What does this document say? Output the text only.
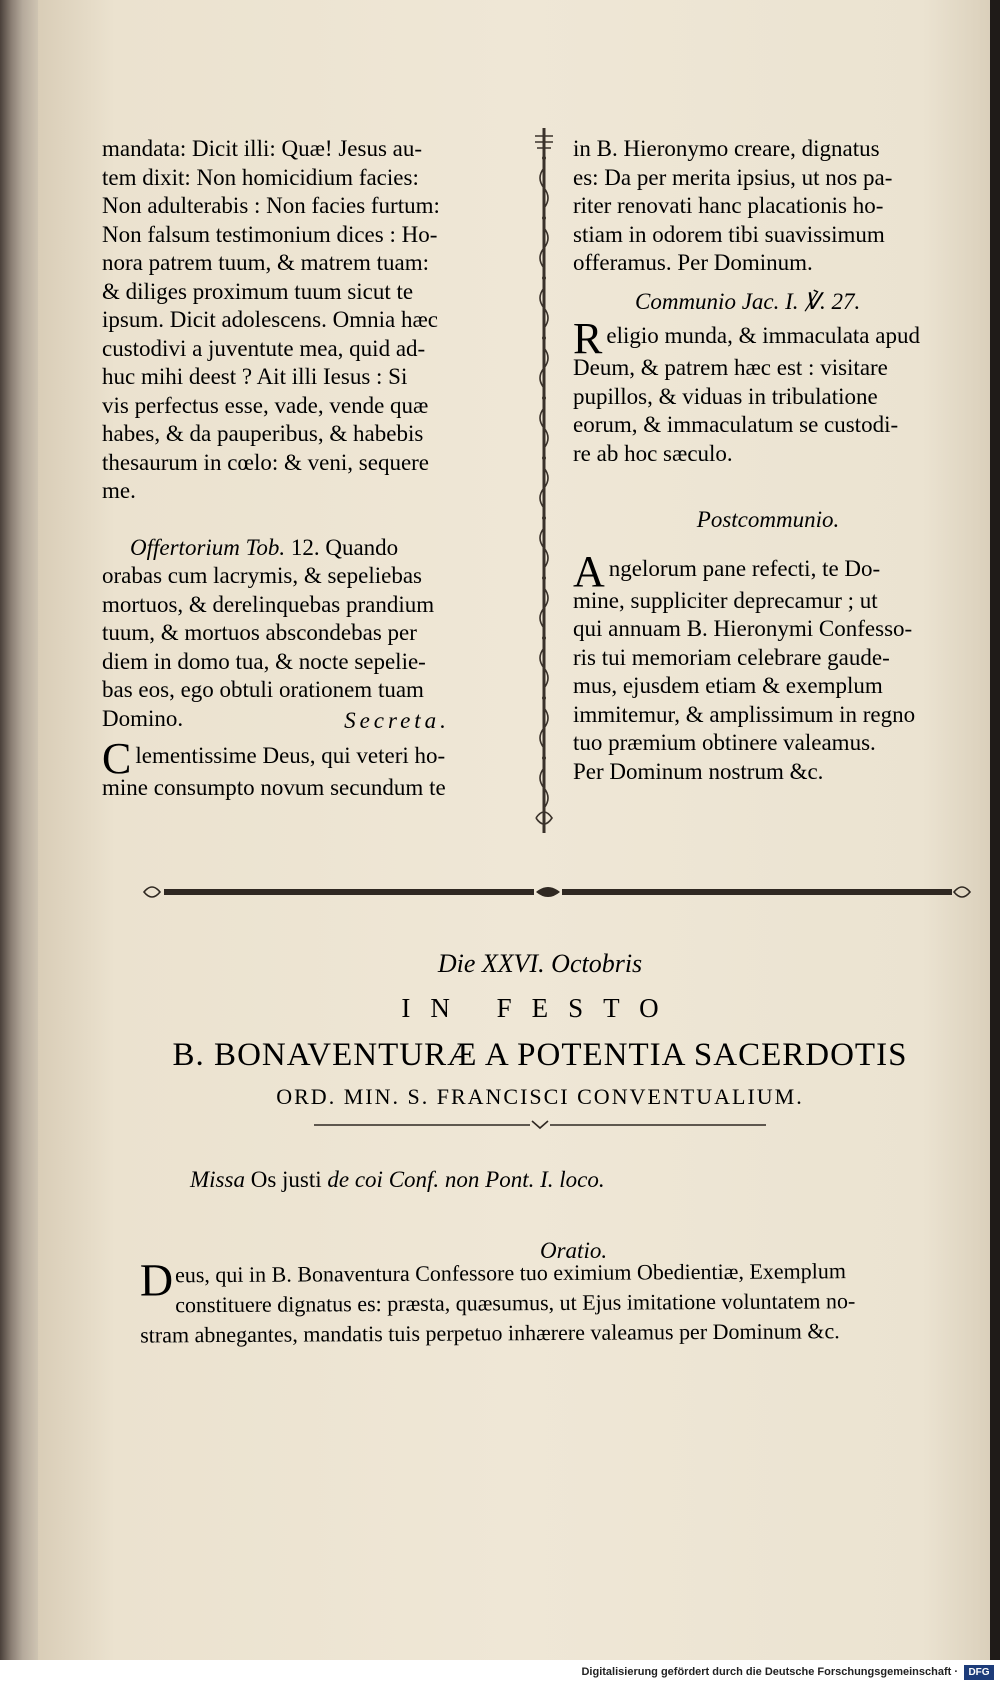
mandata: Dicit illi: Quæ! Jesus au-

tem dixit: Non homicidium facies:

Non adulterabis : Non facies furtum:

Non falsum testimonium dices : Ho-

nora patrem tuum, & matrem tuam:

& diliges proximum tuum sicut te

ipsum. Dicit adolescens. Omnia hæc

custodivi a juventute mea, quid ad-

huc mihi deest ? Ait illi Iesus : Si

vis perfectus esse, vade, vende quæ

habes, & da pauperibus, & habebis

thesaurum in cœlo: & veni, sequere

me.

Offertorium Tob. 12. Quando

orabas cum lacrymis, & sepeliebas

mortuos, & derelinquebas prandium

tuum, & mortuos abscondebas per

diem in domo tua, & nocte sepelie-

bas eos, ego obtuli orationem tuam

Domino.	Secreta.

Clementissime Deus, qui veteri ho-

mine consumpto novum secundum te

in B. Hieronymo creare, dignatus

es: Da per merita ipsius, ut nos pa-

riter renovati hanc placationis ho-

stiam in odorem tibi suavissimum

offeramus. Per Dominum.

Communio Jac. I. ℣. 27.

Religio munda, & immaculata apud

Deum, & patrem hæc est : visitare

pupillos, & viduas in tribulatione

eorum, & immaculatum se custodi-

re ab hoc sæculo.

Postcommunio.

Angelorum pane refecti, te Do-

mine, suppliciter deprecamur ; ut

qui annuam B. Hieronymi Confesso-

ris tui memoriam celebrare gaude-

mus, ejusdem etiam & exemplum

immitemur, & amplissimum in regno

tuo præmium obtinere valeamus.

Per Dominum nostrum &c.

Die XXVI. Octobris

IN FESTO

B. BONAVENTURÆ A POTENTIA SACERDOTIS

ORD. MIN. S. FRANCISCI CONVENTUALIUM.

Missa Os justi de coi Conf. non Pont. I. loco.

Oratio.

Deus, qui in B. Bonaventura Confessore tuo eximium Obedientiæ, Exemplum

constituere dignatus es: præsta, quæsumus, ut Ejus imitatione voluntatem no-

stram abnegantes, mandatis tuis perpetuo inhærere valeamus per Dominum &c.

Digitalisierung gefördert durch die Deutsche Forschungsgemeinschaft ·	DFG
